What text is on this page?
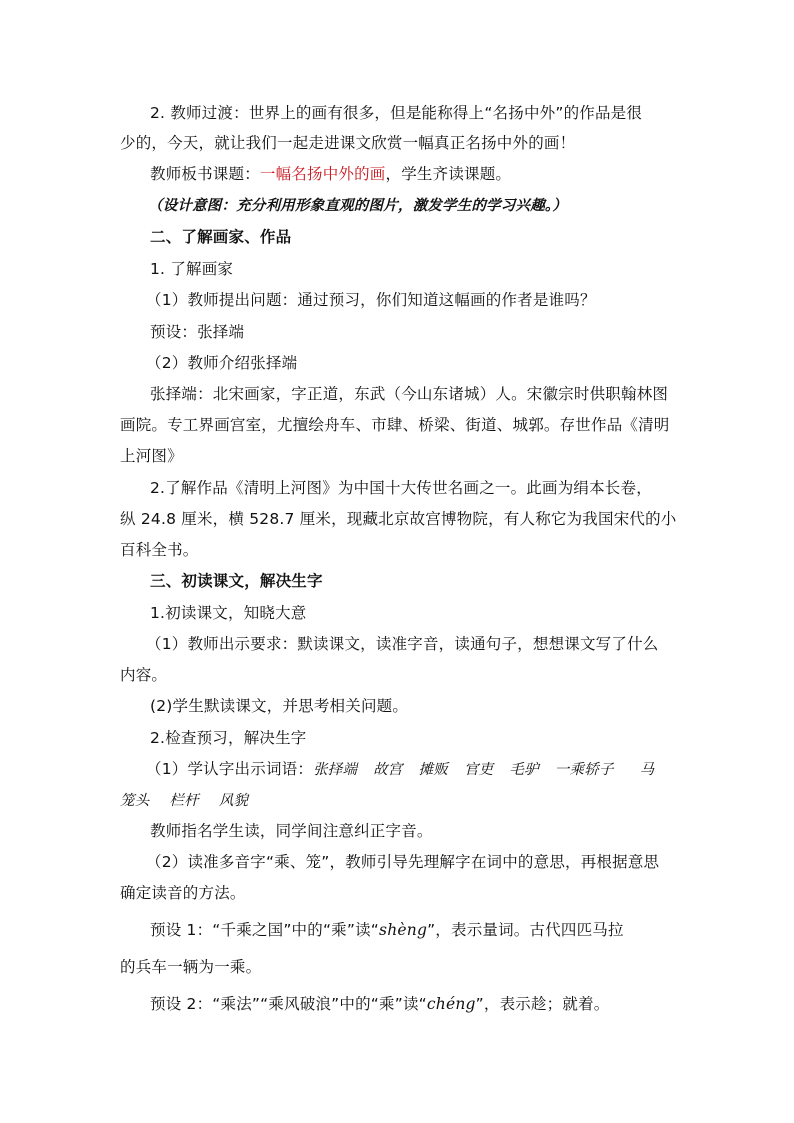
2. 教师过渡：世界上的画有很多，但是能称得上“名扬中外”的作品是很
少的，今天，就让我们一起走进课文欣赏一幅真正名扬中外的画！
教师板书课题：一幅名扬中外的画，学生齐读课题。
（设计意图：充分利用形象直观的图片，激发学生的学习兴趣。）
二、了解画家、作品
1. 了解画家
（1）教师提出问题：通过预习，你们知道这幅画的作者是谁吗？
预设：张择端
（2）教师介绍张择端
张择端：北宋画家，字正道，东武（今山东诸城）人。宋徽宗时供职翰林图
画院。专工界画宫室，尤擅绘舟车、市肆、桥梁、街道、城郭。存世作品《清明
上河图》
2.了解作品《清明上河图》为中国十大传世名画之一。此画为绢本长卷，
纵 24.8 厘米，横 528.7 厘米，现藏北京故宫博物院，有人称它为我国宋代的小
百科全书。
三、初读课文，解决生字
1.初读课文，知晓大意
（1）教师出示要求：默读课文，读准字音，读通句子，想想课文写了什么
内容。
(2)学生默读课文，并思考相关问题。
2.检查预习，解决生字
（1）学认字出示词语：张择端 故宫 摊贩 官吏 毛驴 一乘轿子 马
笼头 栏杆 风貌
教师指名学生读，同学间注意纠正字音。
（2）读准多音字“乘、笼”，教师引导先理解字在词中的意思，再根据意思
确定读音的方法。
预设 1：“千乘之国”中的“乘”读“shèng”，表示量词。古代四匹马拉
的兵车一辆为一乘。
预设 2：“乘法”“乘风破浪”中的“乘”读“chéng”，表示趁；就着。
